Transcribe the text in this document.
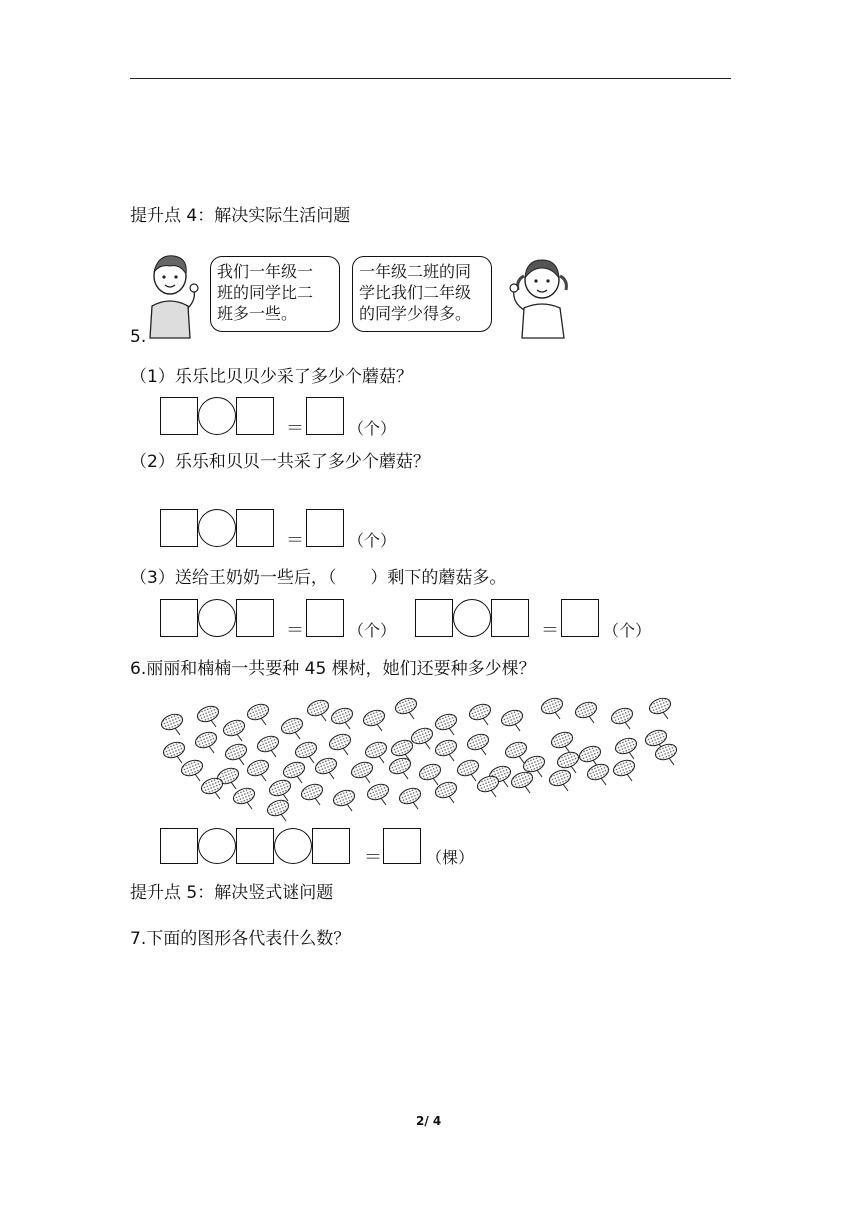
提升点 4：解决实际生活问题
我们一年级一
班的同学比二
班多一些。
一年级二班的同
学比我们二年级
的同学少得多。
5.
（1）乐乐比贝贝少采了多少个蘑菇？
＝	（个）
（2）乐乐和贝贝一共采了多少个蘑菇？
＝	（个）
（3）送给王奶奶一些后，（　　）剩下的蘑菇多。
＝	（个）	＝	（个）
6.丽丽和楠楠一共要种 45 棵树，她们还要种多少棵？
＝	（棵）
提升点 5：解决竖式谜问题
7.下面的图形各代表什么数？
2/ 4
